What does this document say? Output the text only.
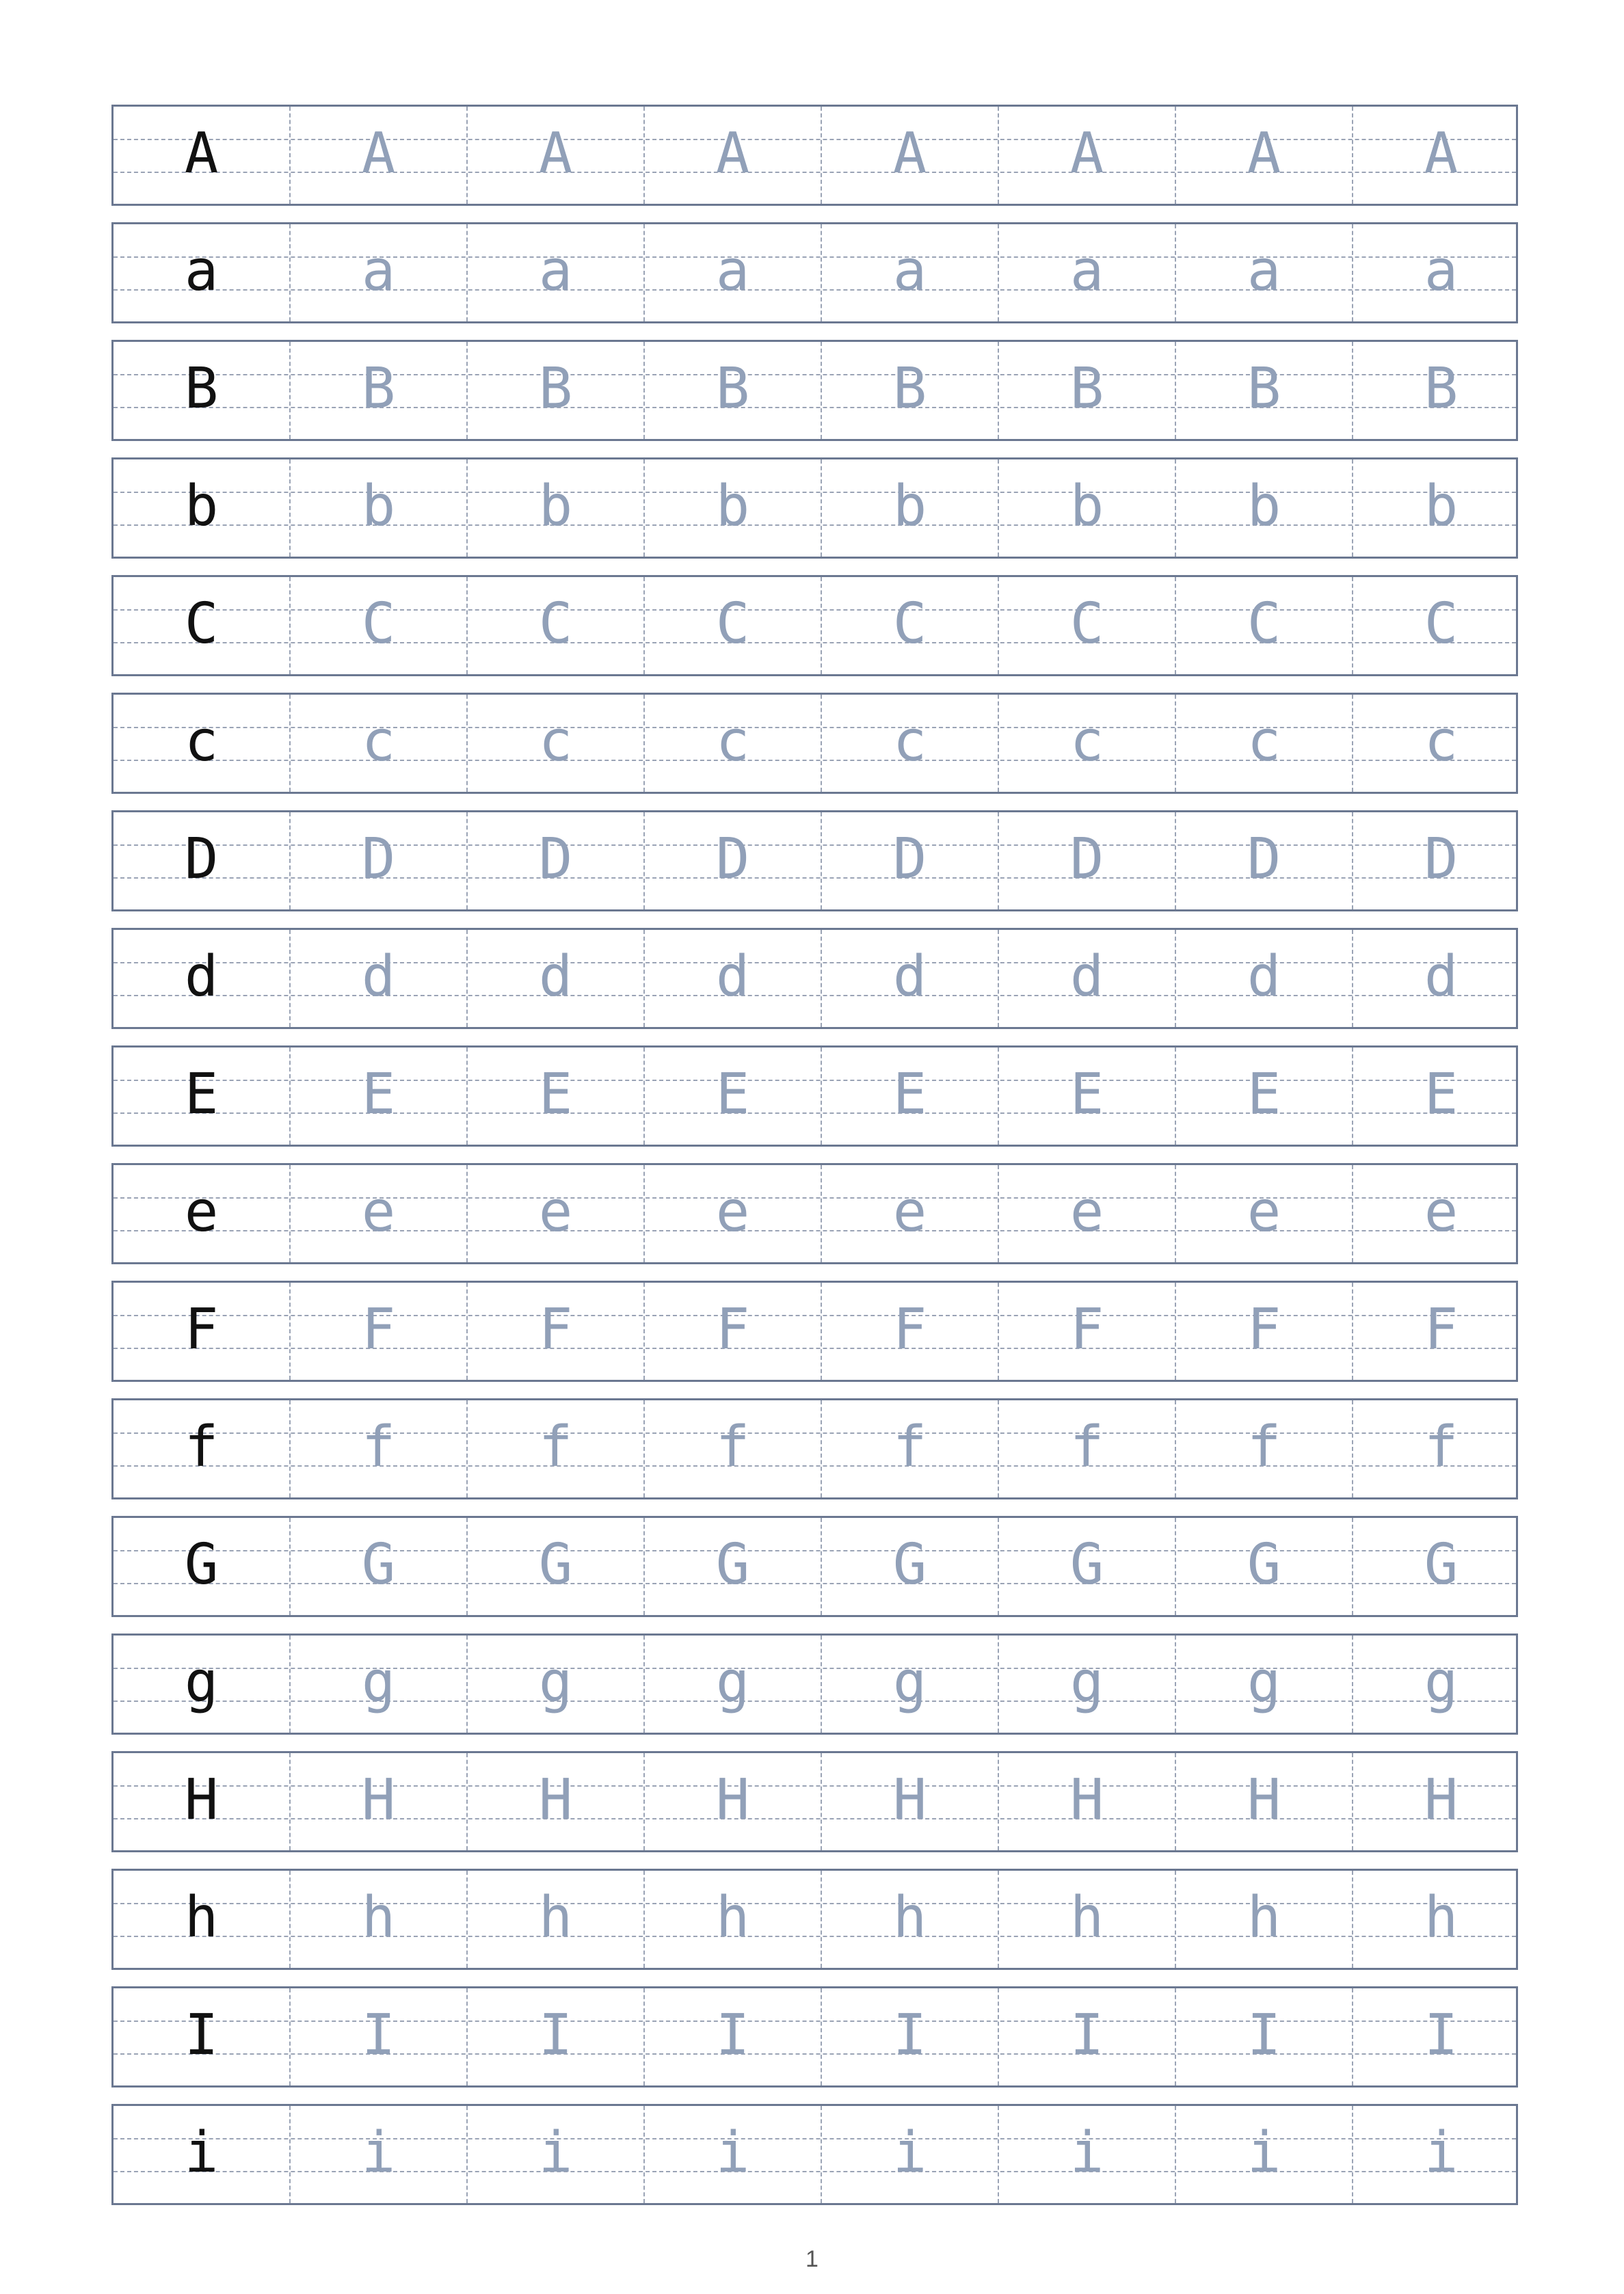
A	A	A	A	A	A	A	A
a	a	a	a	a	a	a	a
B	B	B	B	B	B	B	B
b	b	b	b	b	b	b	b
C	C	C	C	C	C	C	C
c	c	c	c	c	c	c	c
D	D	D	D	D	D	D	D
d	d	d	d	d	d	d	d
E	E	E	E	E	E	E	E
e	e	e	e	e	e	e	e
F	F	F	F	F	F	F	F
f	f	f	f	f	f	f	f
G	G	G	G	G	G	G	G
g	g	g	g	g	g	g	g
H	H	H	H	H	H	H	H
h	h	h	h	h	h	h	h
I	I	I	I	I	I	I	I
i	i	i	i	i	i	i	i
1
